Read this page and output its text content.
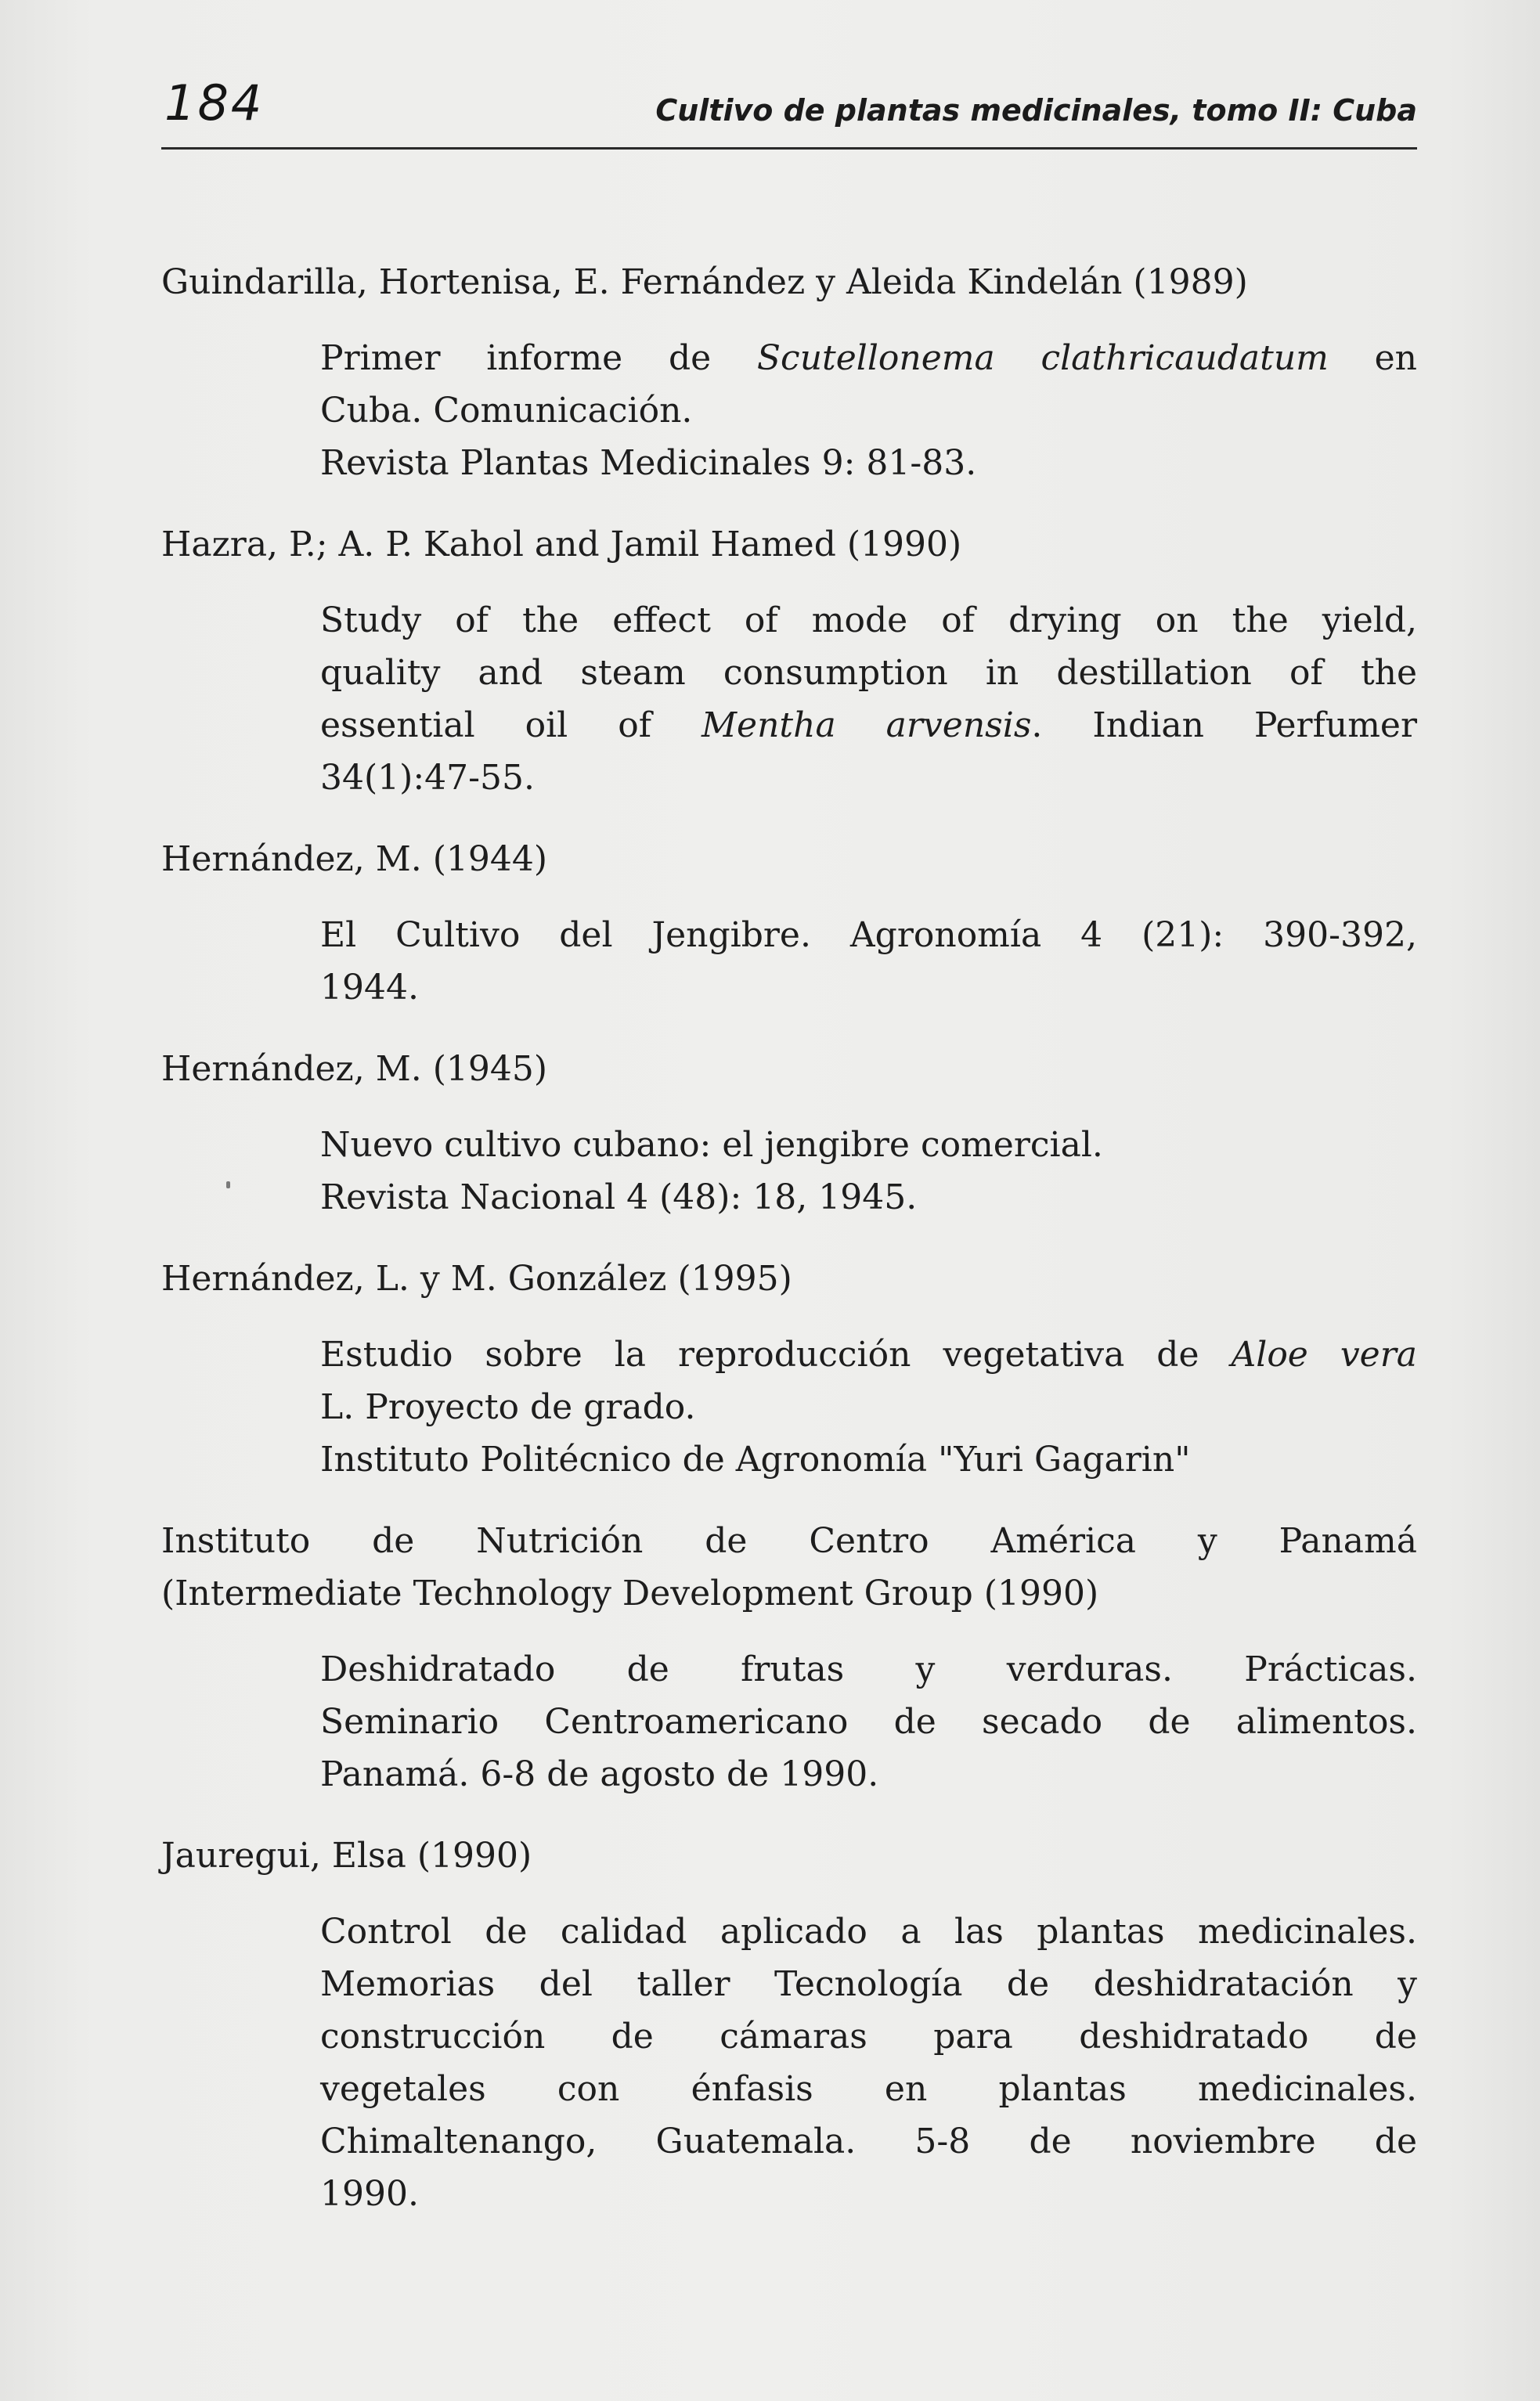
184	Cultivo de plantas medicinales, tomo II: Cuba
Guindarilla, Hortenisa, E. Fernández y Aleida Kindelán (1989)
Primer informe de Scutellonema clathricaudatum en
Cuba. Comunicación.
Revista Plantas Medicinales 9: 81-83.
Hazra, P.; A. P. Kahol and Jamil Hamed (1990)
Study of the effect of mode of drying on the yield,
quality and steam consumption in destillation of the
essential oil of Mentha arvensis. Indian Perfumer
34(1):47-55.
Hernández, M. (1944)
El Cultivo del Jengibre. Agronomía 4 (21): 390-392,
1944.
Hernández, M. (1945)
Nuevo cultivo cubano: el jengibre comercial.
Revista Nacional 4 (48): 18, 1945.
Hernández, L. y M. González (1995)
Estudio sobre la reproducción vegetativa de Aloe vera
L. Proyecto de grado.
Instituto Politécnico de Agronomía "Yuri Gagarin"
Instituto de Nutrición de Centro América y Panamá
(Intermediate Technology Development Group (1990)
Deshidratado de frutas y verduras. Prácticas.
Seminario Centroamericano de secado de alimentos.
Panamá. 6-8 de agosto de 1990.
Jauregui, Elsa (1990)
Control de calidad aplicado a las plantas medicinales.
Memorias del taller Tecnología de deshidratación y
construcción de cámaras para deshidratado de
vegetales con énfasis en plantas medicinales.
Chimaltenango, Guatemala. 5-8 de noviembre de
1990.
